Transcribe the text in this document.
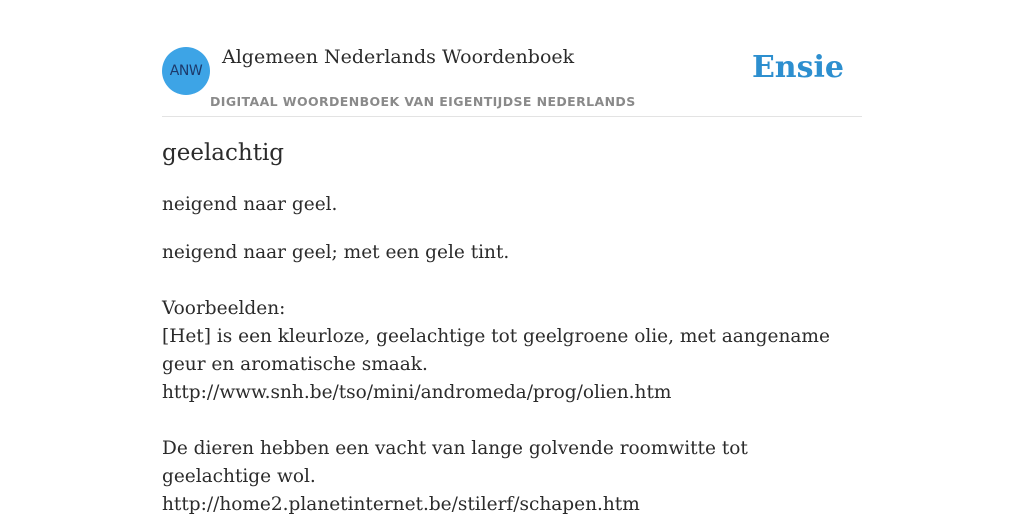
ANW
Algemeen Nederlands Woordenboek
DIGITAAL WOORDENBOEK VAN EIGENTIJDSE NEDERLANDS
Ensie
geelachtig
neigend naar geel.

neigend naar geel; met een gele tint.

Voorbeelden:

[Het] is een kleurloze, geelachtige tot geelgroene olie, met aangename geur en aromatische smaak.

http://www.snh.be/tso/mini/andromeda/prog/olien.htm

De dieren hebben een vacht van lange golvende roomwitte tot geelachtige wol.

http://home2.planetinternet.be/stilerf/schapen.htm
